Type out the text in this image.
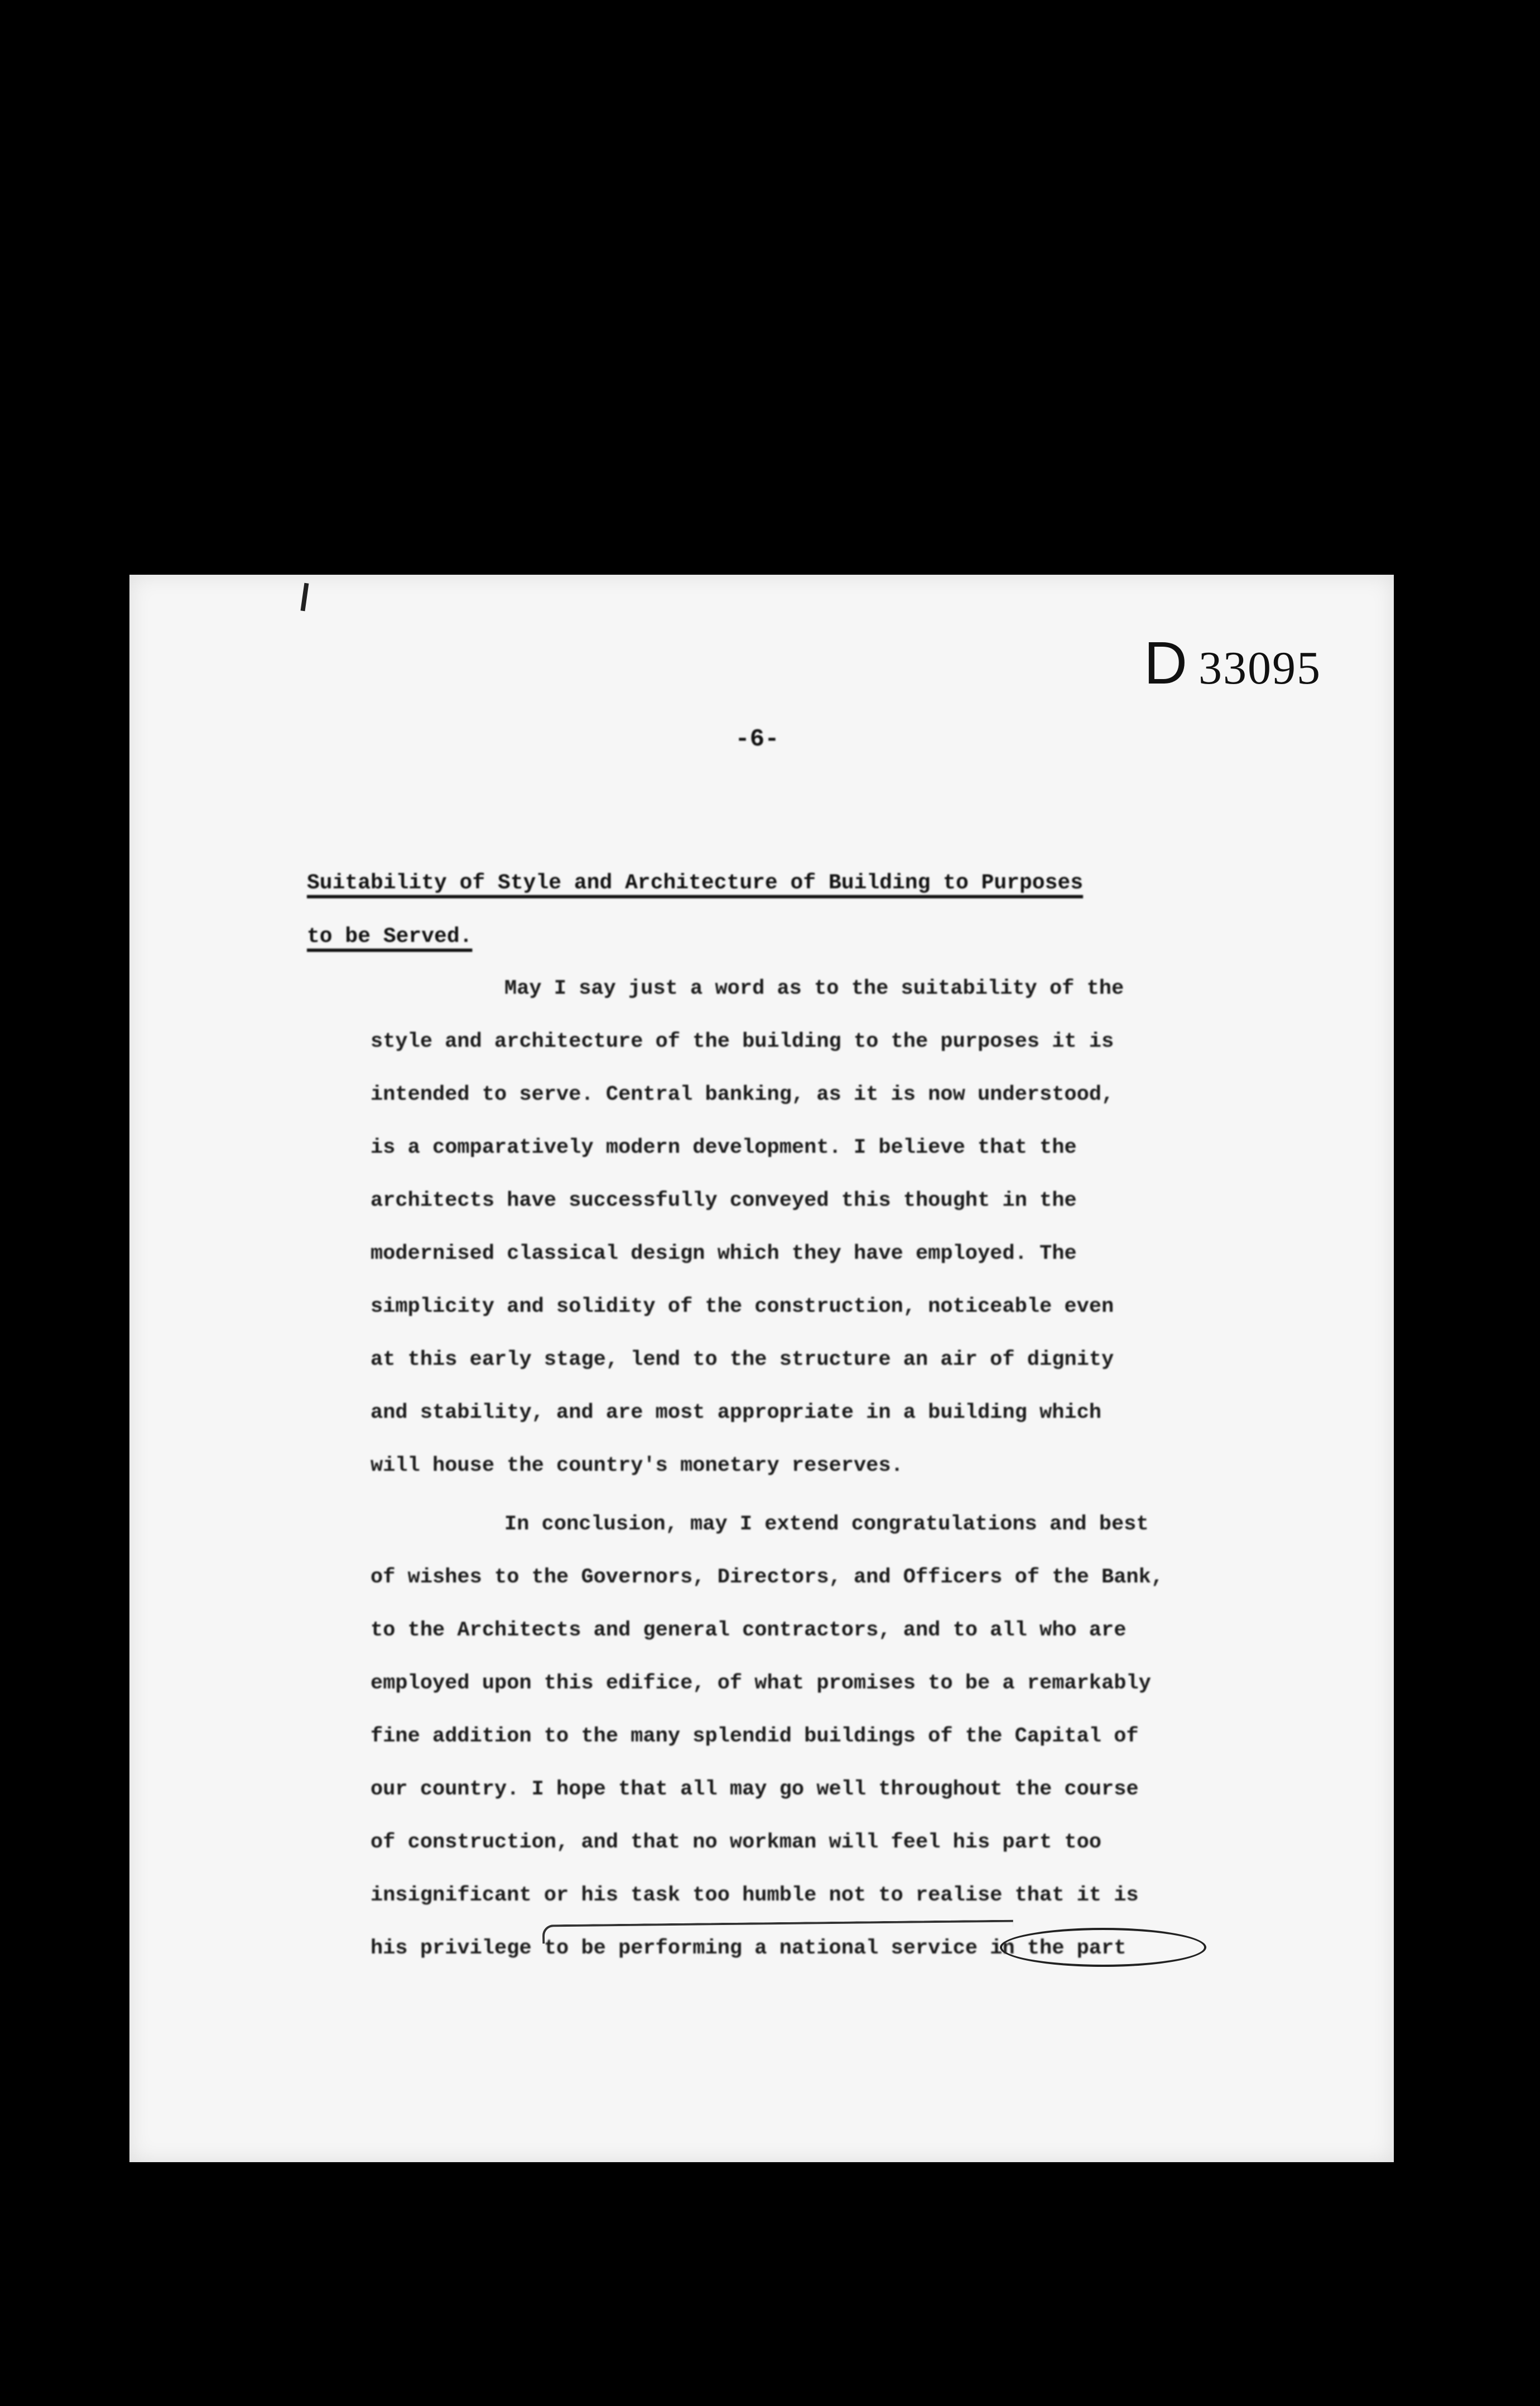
D 33095
-6-
Suitability of Style and Architecture of Building to Purposes
to be Served.
May I say just a word as to the suitability of the
style and architecture of the building to the purposes it is
intended to serve. Central banking, as it is now understood,
is a comparatively modern development. I believe that the
architects have successfully conveyed this thought in the
modernised classical design which they have employed. The
simplicity and solidity of the construction, noticeable even
at this early stage, lend to the structure an air of dignity
and stability, and are most appropriate in a building which
will house the country's monetary reserves.
In conclusion, may I extend congratulations and best
of wishes to the Governors, Directors, and Officers of the Bank,
to the Architects and general contractors, and to all who are
employed upon this edifice, of what promises to be a remarkably
fine addition to the many splendid buildings of the Capital of
our country. I hope that all may go well throughout the course
of construction, and that no workman will feel his part too
insignificant or his task too humble not to realise that it is
his privilege to be performing a national service in the part
